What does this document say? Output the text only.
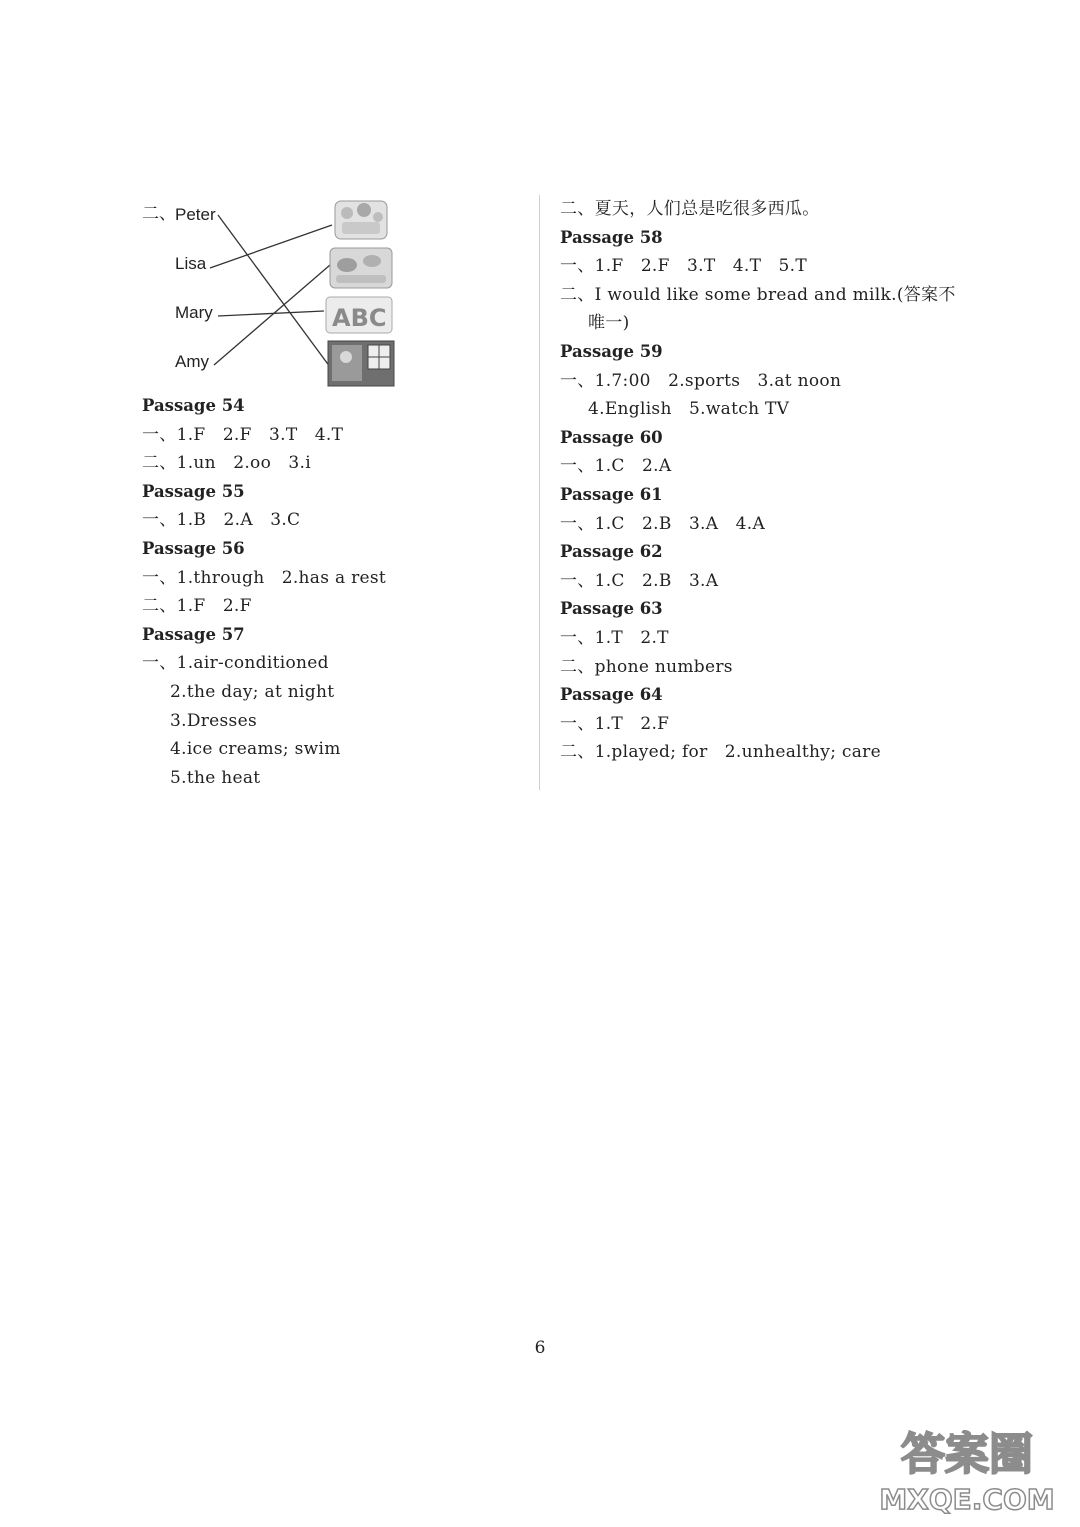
二、 Peter
Lisa
Mary
Amy
ABC
Passage 54
一、1.F　2.F　3.T　4.T
二、1.un　2.oo　3.i
Passage 55
一、1.B　2.A　3.C
Passage 56
一、1.through　2.has a rest
二、1.F　2.F
Passage 57
一、1.air-conditioned
2.the day; at night
3.Dresses
4.ice creams; swim
5.the heat
二、夏天，人们总是吃很多西瓜。
Passage 58
一、1.F　2.F　3.T　4.T　5.T
二、I would like some bread and milk.(答案不
唯一)
Passage 59
一、1.7:00　2.sports　3.at noon
4.English　5.watch TV
Passage 60
一、1.C　2.A
Passage 61
一、1.C　2.B　3.A　4.A
Passage 62
一、1.C　2.B　3.A
Passage 63
一、1.T　2.T
二、phone numbers
Passage 64
一、1.T　2.F
二、1.played; for　2.unhealthy; care
6
答案圈
MXQE.COM
